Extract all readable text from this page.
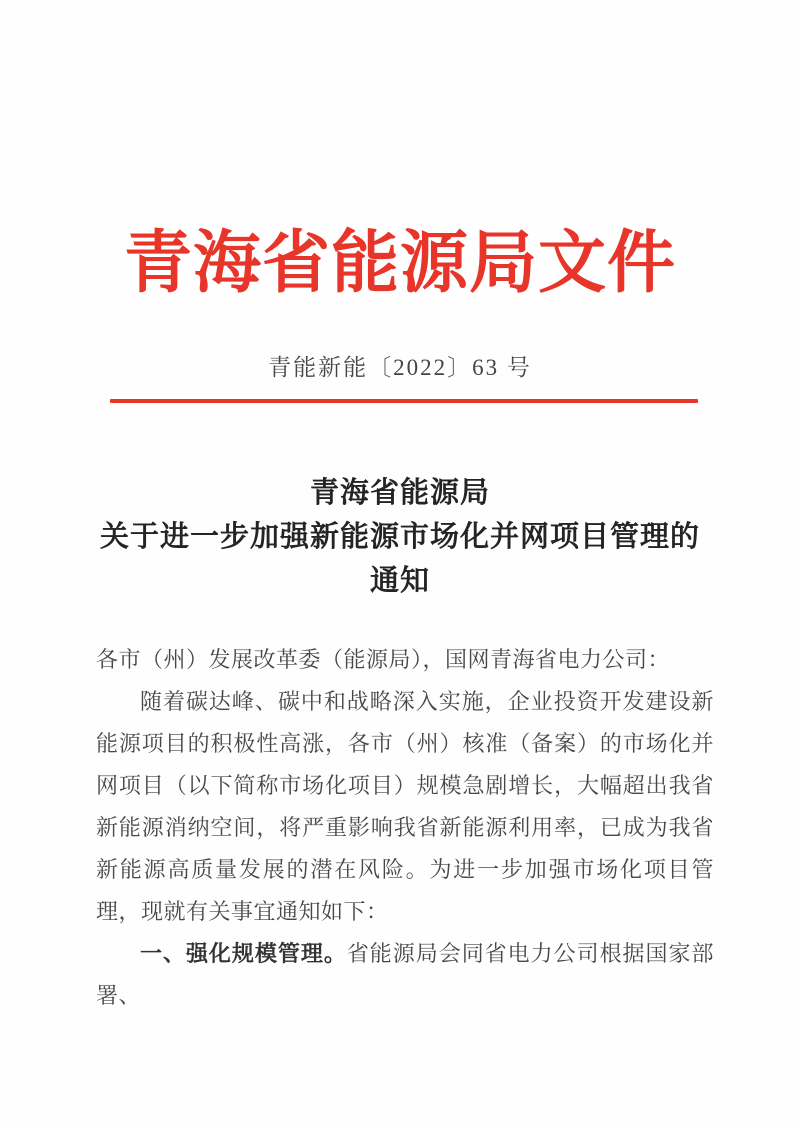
青海省能源局文件
青能新能〔2022〕63 号
青海省能源局
关于进一步加强新能源市场化并网项目管理的
通知

各市（州）发展改革委（能源局），国网青海省电力公司：

随着碳达峰、碳中和战略深入实施，企业投资开发建设新能源项目的积极性高涨，各市（州）核准（备案）的市场化并网项目（以下简称市场化项目）规模急剧增长，大幅超出我省新能源消纳空间，将严重影响我省新能源利用率，已成为我省新能源高质量发展的潜在风险。为进一步加强市场化项目管理，现就有关事宜通知如下：

一、强化规模管理。省能源局会同省电力公司根据国家部署、
